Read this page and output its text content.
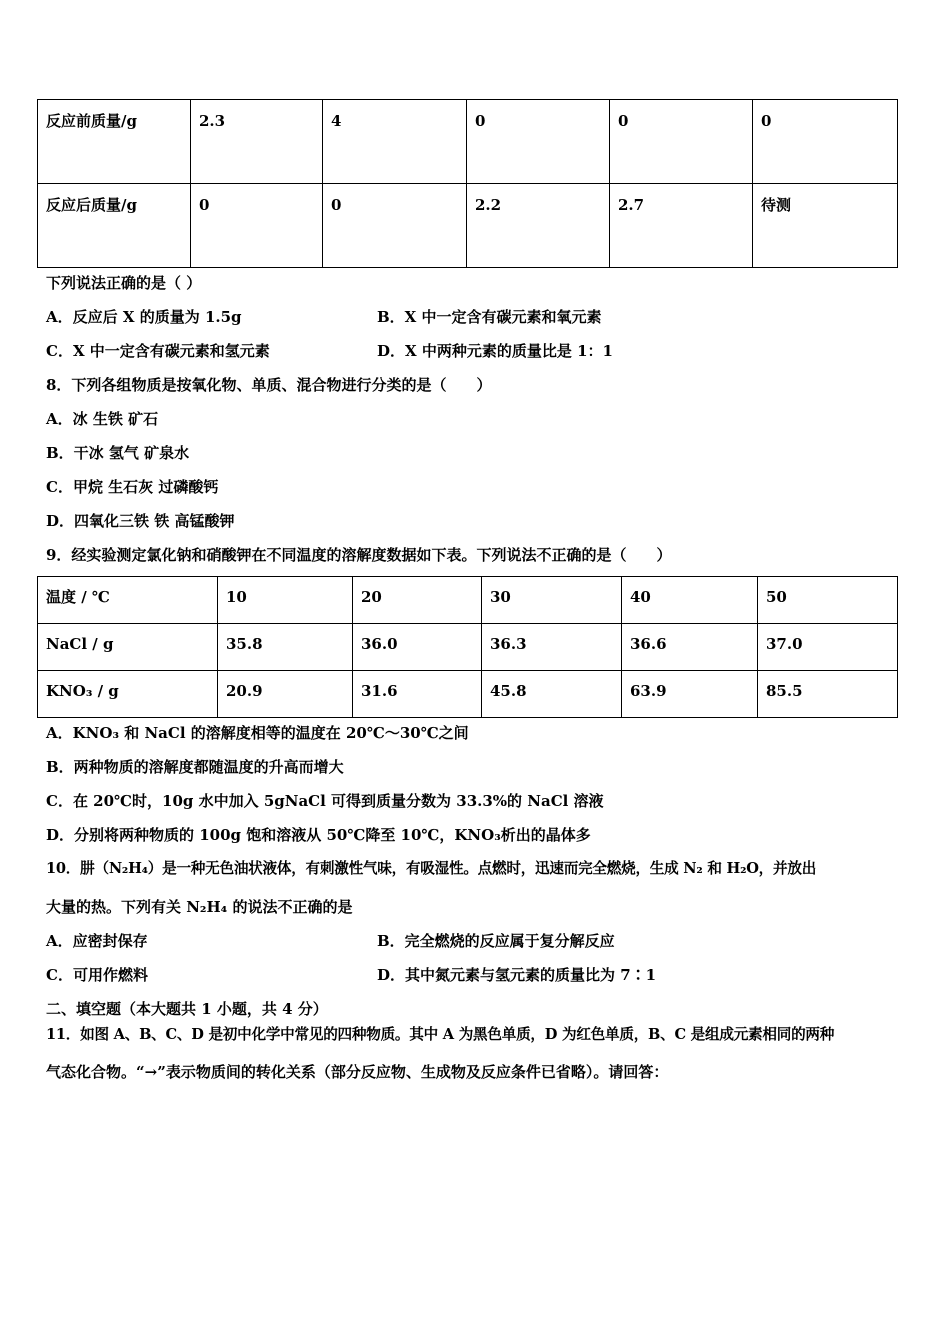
反应前质量/g	2.3	4	0	0	0
反应后质量/g	0	0	2.2	2.7	待测
下列说法正确的是（ ）
A．反应后 X 的质量为 1.5g	B．X 中一定含有碳元素和氧元素
C．X 中一定含有碳元素和氢元素	D．X 中两种元素的质量比是 1：1
8．下列各组物质是按氧化物、单质、混合物进行分类的是（　　）
A．冰 生铁 矿石
B．干冰 氢气 矿泉水
C．甲烷 生石灰 过磷酸钙
D．四氧化三铁 铁 高锰酸钾
9．经实验测定氯化钠和硝酸钾在不同温度的溶解度数据如下表。下列说法不正确的是（　　）
温度 / ℃	10	20	30	40	50
NaCl / g	35.8	36.0	36.3	36.6	37.0
KNO₃ / g	20.9	31.6	45.8	63.9	85.5
A．KNO₃ 和 NaCl 的溶解度相等的温度在 20℃～30℃之间
B．两种物质的溶解度都随温度的升高而增大
C．在 20℃时，10g 水中加入 5gNaCl 可得到质量分数为 33.3%的 NaCl 溶液
D．分别将两种物质的 100g 饱和溶液从 50℃降至 10℃，KNO₃析出的晶体多
10．肼（N₂H₄）是一种无色油状液体，有刺激性气味，有吸湿性。点燃时，迅速而完全燃烧，生成 N₂ 和 H₂O，并放出
大量的热。下列有关 N₂H₄ 的说法不正确的是
A．应密封保存	B．完全燃烧的反应属于复分解反应
C．可用作燃料	D．其中氮元素与氢元素的质量比为 7∶1
二、填空题（本大题共 1 小题，共 4 分）
11．如图 A、B、C、D 是初中化学中常见的四种物质。其中 A 为黑色单质，D 为红色单质，B、C 是组成元素相同的两种
气态化合物。“→”表示物质间的转化关系（部分反应物、生成物及反应条件已省略）。请回答：
